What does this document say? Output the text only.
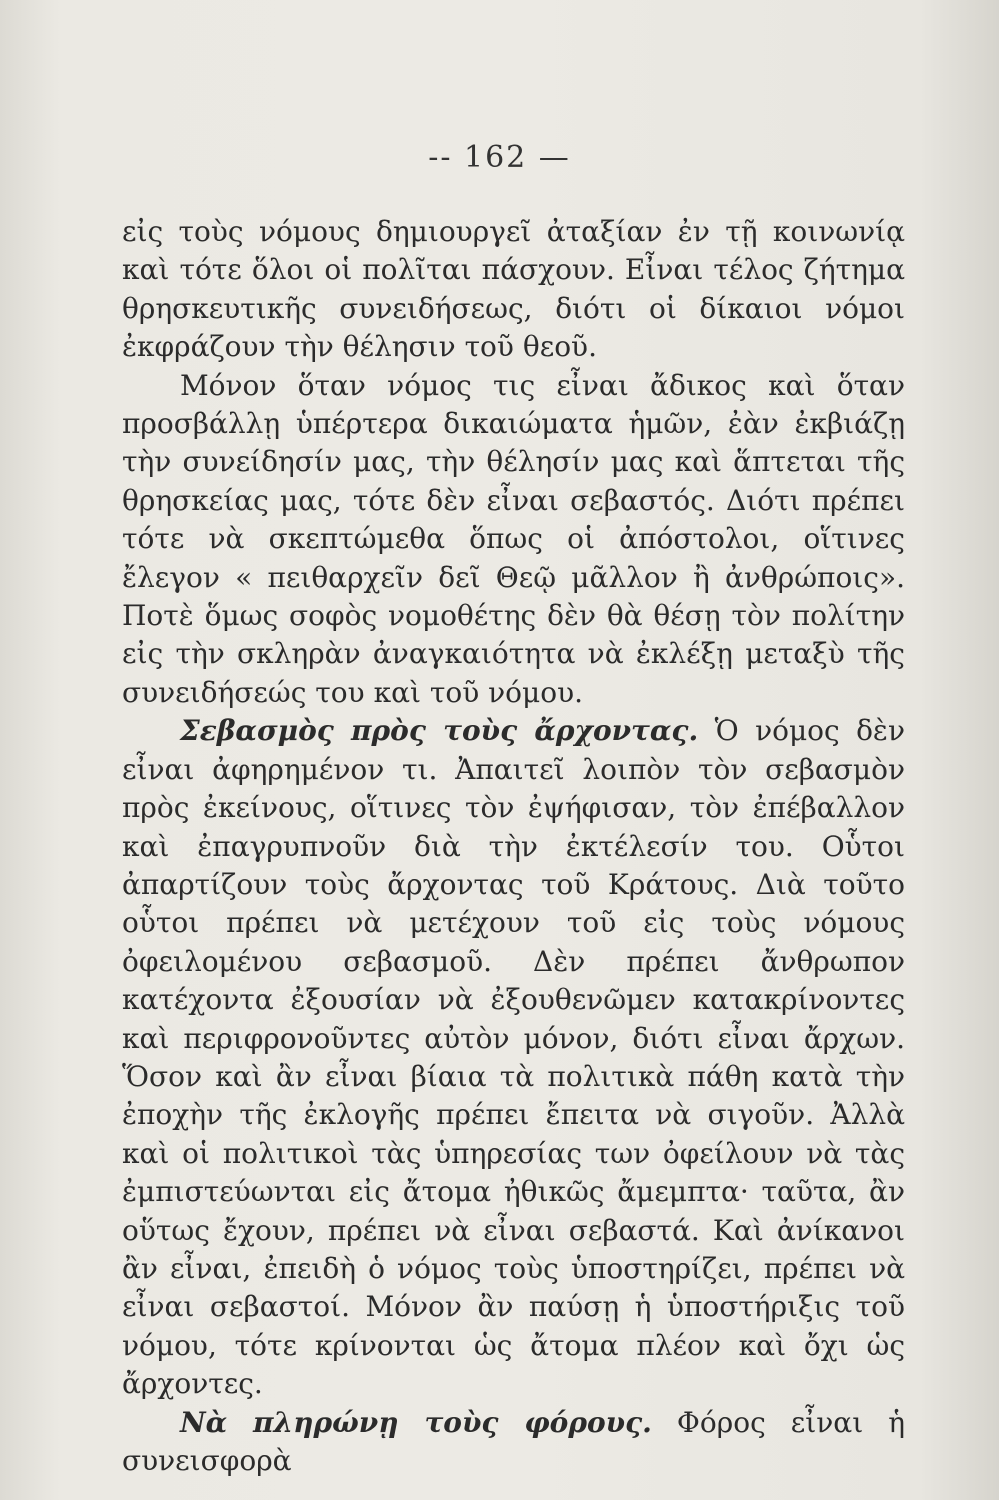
-- 162 —

εἰς τοὺς νόμους δημιουργεῖ ἀταξίαν ἐν τῇ κοινωνίᾳ καὶ τότε ὅλοι οἱ πολῖται πάσχουν. Εἶναι τέλος ζήτημα θρησκευτικῆς συνειδήσεως, διότι οἱ δίκαιοι νόμοι ἐκφράζουν τὴν θέλησιν τοῦ θεοῦ.

Μόνον ὅταν νόμος τις εἶναι ἄδικος καὶ ὅταν προσβάλλῃ ὑπέρτερα δικαιώματα ἡμῶν, ἐὰν ἐκβιάζῃ τὴν συνείδησίν μας, τὴν θέλησίν μας καὶ ἅπτεται τῆς θρησκείας μας, τότε δὲν εἶναι σεβαστός. Διότι πρέπει τότε νὰ σκεπτώμεθα ὅπως οἱ ἀπόστολοι, οἵτινες ἔλεγον « πειθαρχεῖν δεῖ Θεῷ μᾶλλον ἢ ἀνθρώποις». Ποτὲ ὅμως σοφὸς νομοθέτης δὲν θὰ θέσῃ τὸν πολίτην εἰς τὴν σκληρὰν ἀναγκαιότητα νὰ ἐκλέξῃ μεταξὺ τῆς συνειδήσεώς του καὶ τοῦ νόμου.

Σεβασμὸς πρὸς τοὺς ἄρχοντας. Ὁ νόμος δὲν εἶναι ἀφηρημένον τι. Ἀπαιτεῖ λοιπὸν τὸν σεβασμὸν πρὸς ἐκείνους, οἵτινες τὸν ἐψήφισαν, τὸν ἐπέβαλλον καὶ ἐπαγρυπνοῦν διὰ τὴν ἐκτέλεσίν του. Οὗτοι ἀπαρτίζουν τοὺς ἄρχοντας τοῦ Κράτους. Διὰ τοῦτο οὗτοι πρέπει νὰ μετέχουν τοῦ εἰς τοὺς νόμους ὀφειλομένου σεβασμοῦ. Δὲν πρέπει ἄνθρωπον κατέχοντα ἐξουσίαν νὰ ἐξουθενῶμεν κατακρίνοντες καὶ περιφρονοῦντες αὐτὸν μόνον, διότι εἶναι ἄρχων. Ὅσον καὶ ἂν εἶναι βίαια τὰ πολιτικὰ πάθη κατὰ τὴν ἐποχὴν τῆς ἐκλογῆς πρέπει ἔπειτα νὰ σιγοῦν. Ἀλλὰ καὶ οἱ πολιτικοὶ τὰς ὑπηρεσίας των ὀφείλουν νὰ τὰς ἐμπιστεύωνται εἰς ἄτομα ἠθικῶς ἄμεμπτα· ταῦτα, ἂν οὕτως ἔχουν, πρέπει νὰ εἶναι σεβαστά. Καὶ ἀνίκανοι ἂν εἶναι, ἐπειδὴ ὁ νόμος τοὺς ὑποστηρίζει, πρέπει νὰ εἶναι σεβαστοί. Μόνον ἂν παύσῃ ἡ ὑποστήριξις τοῦ νόμου, τότε κρίνονται ὡς ἄτομα πλέον καὶ ὄχι ὡς ἄρχοντες.

Νὰ πληρώνῃ τοὺς φόρους. Φόρος εἶναι ἡ συνεισφορὰ
